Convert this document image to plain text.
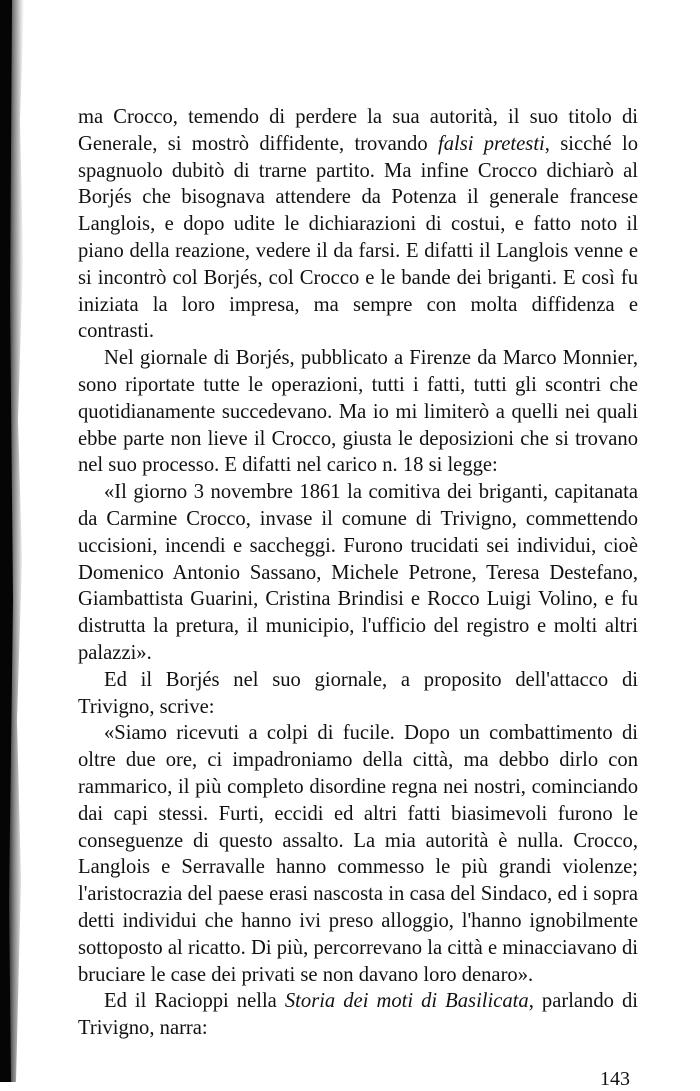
ma Crocco, temendo di perdere la sua autorità, il suo titolo di Generale, si mostrò diffidente, trovando falsi pretesti, sicché lo spagnuolo dubitò di trarne partito. Ma infine Crocco dichiarò al Borjés che bisognava attendere da Potenza il generale francese Langlois, e dopo udite le dichiarazioni di costui, e fatto noto il piano della reazione, vedere il da farsi. E difatti il Langlois venne e si incontrò col Borjés, col Crocco e le bande dei briganti. E così fu iniziata la loro impresa, ma sempre con molta diffidenza e contrasti.

Nel giornale di Borjés, pubblicato a Firenze da Marco Monnier, sono riportate tutte le operazioni, tutti i fatti, tutti gli scontri che quotidianamente succedevano. Ma io mi limiterò a quelli nei quali ebbe parte non lieve il Crocco, giusta le deposizioni che si trovano nel suo processo. E difatti nel carico n. 18 si legge:

«Il giorno 3 novembre 1861 la comitiva dei briganti, capitanata da Carmine Crocco, invase il comune di Trivigno, commettendo uccisioni, incendi e saccheggi. Furono trucidati sei individui, cioè Domenico Antonio Sassano, Michele Petrone, Teresa Destefano, Giambattista Guarini, Cristina Brindisi e Rocco Luigi Volino, e fu distrutta la pretura, il municipio, l'ufficio del registro e molti altri palazzi».

Ed il Borjés nel suo giornale, a proposito dell'attacco di Trivigno, scrive:

«Siamo ricevuti a colpi di fucile. Dopo un combattimento di oltre due ore, ci impadroniamo della città, ma debbo dirlo con rammarico, il più completo disordine regna nei nostri, cominciando dai capi stessi. Furti, eccidi ed altri fatti biasimevoli furono le conseguenze di questo assalto. La mia autorità è nulla. Crocco, Langlois e Serravalle hanno commesso le più grandi violenze; l'aristocrazia del paese erasi nascosta in casa del Sindaco, ed i sopra detti individui che hanno ivi preso alloggio, l'hanno ignobilmente sottoposto al ricatto. Di più, percorrevano la città e minacciavano di bruciare le case dei privati se non davano loro denaro».

Ed il Racioppi nella Storia dei moti di Basilicata, parlando di Trivigno, narra:

143
